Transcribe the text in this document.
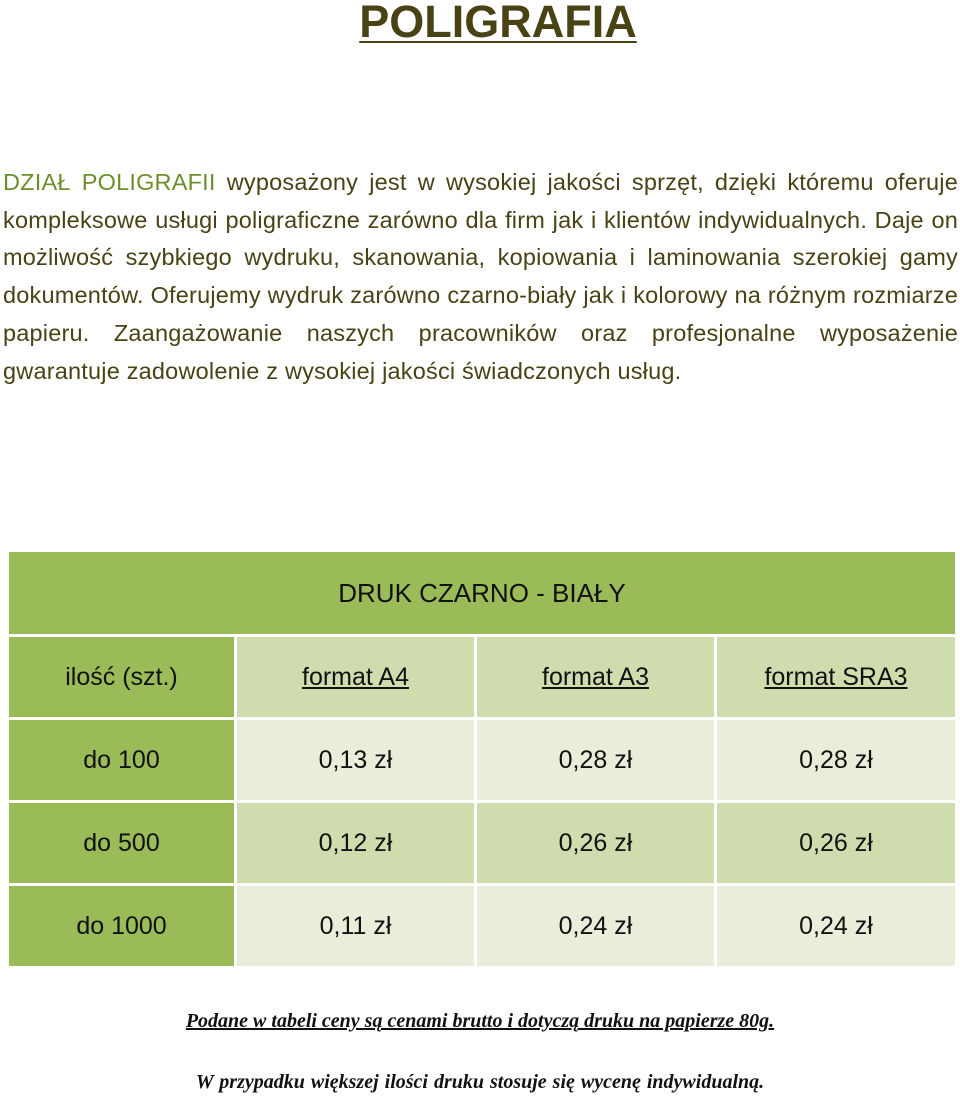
POLIGRAFIA

DZIAŁ POLIGRAFII wyposażony jest w wysokiej jakości sprzęt, dzięki któremu oferuje kompleksowe usługi poligraficzne zarówno dla firm jak i klientów indywidualnych. Daje on możliwość szybkiego wydruku, skanowania, kopiowania i laminowania szerokiej gamy dokumentów. Oferujemy wydruk zarówno czarno-biały jak i kolorowy na różnym rozmiarze papieru. Zaangażowanie naszych pracowników oraz profesjonalne wyposażenie gwarantuje zadowolenie z wysokiej jakości świadczonych usług.

DRUK CZARNO - BIAŁY			
ilość (szt.)	format A4	format A3	format SRA3
do 100	0,13 zł	0,28 zł	0,28 zł
do 500	0,12 zł	0,26 zł	0,26 zł
do 1000	0,11 zł	0,24 zł	0,24 zł

Podane w tabeli ceny są cenami brutto i dotyczą druku na papierze 80g.

W przypadku większej ilości druku stosuje się wycenę indywidualną.
